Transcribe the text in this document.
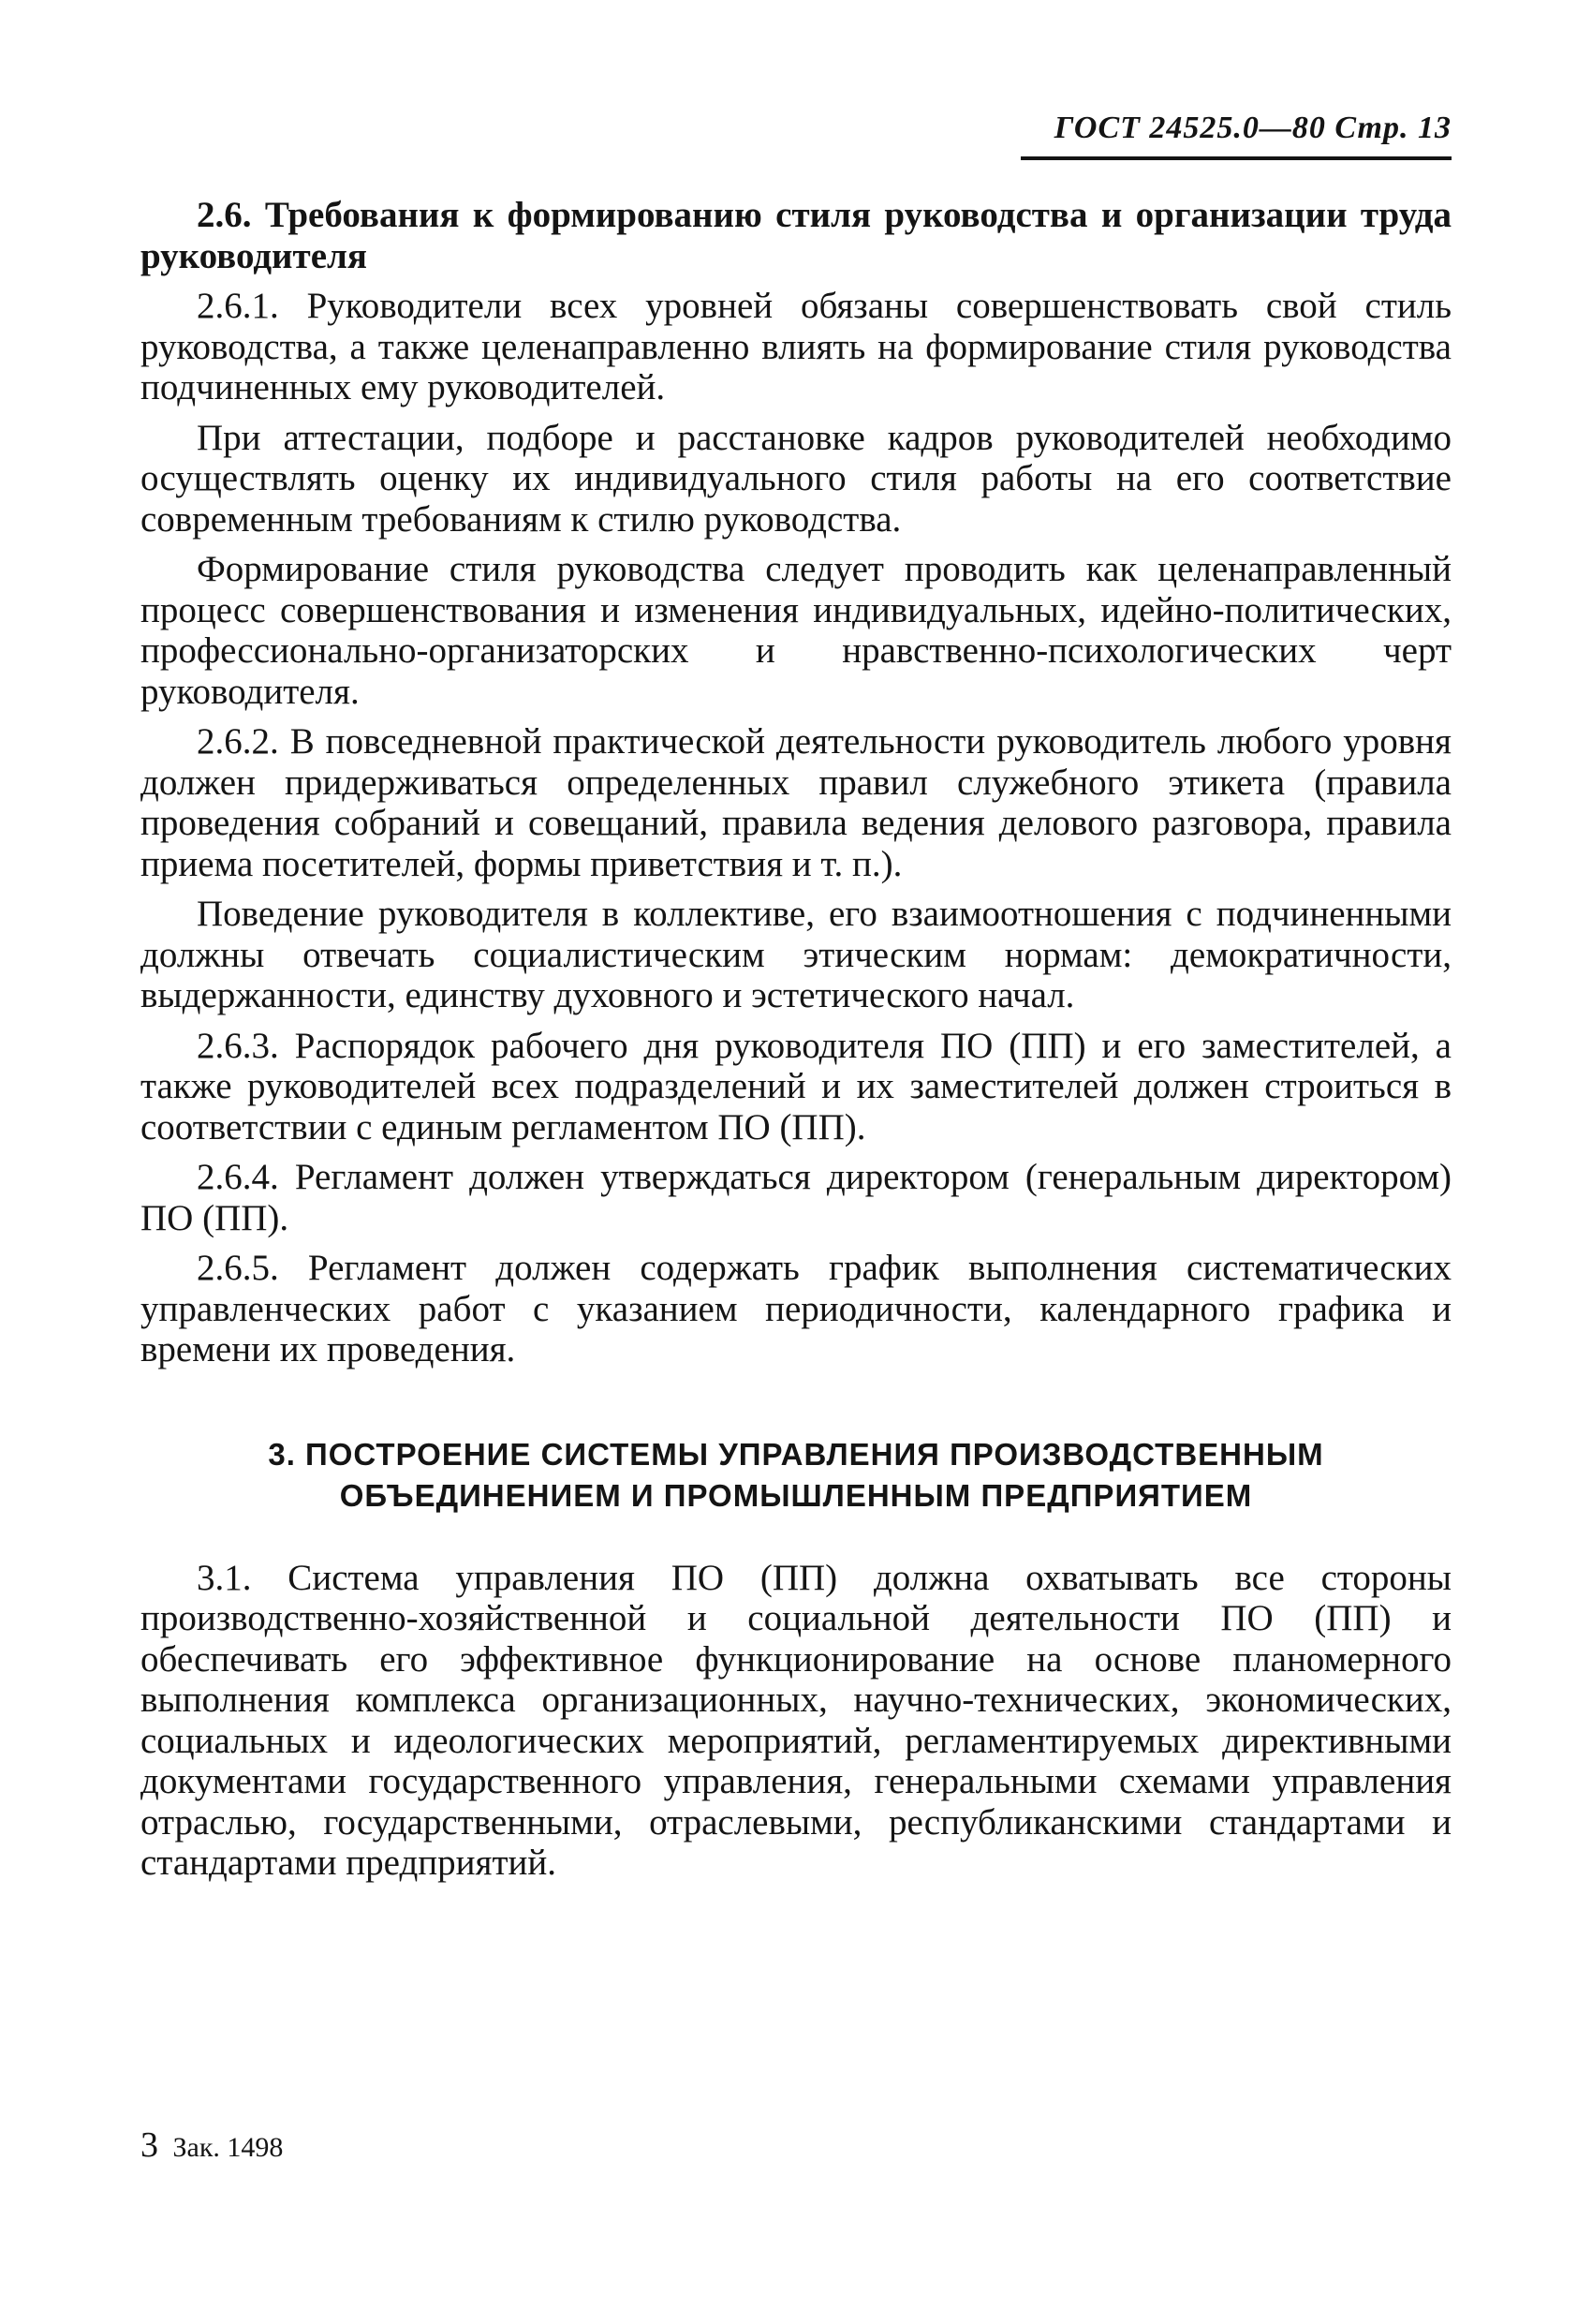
ГОСТ 24525.0—80 Стр. 13

2.6. Требования к формированию стиля руководства и организации труда руководителя

2.6.1. Руководители всех уровней обязаны совершенствовать свой стиль руководства, а также целенаправленно влиять на формирование стиля руководства подчиненных ему руководителей.

При аттестации, подборе и расстановке кадров руководителей необходимо осуществлять оценку их индивидуального стиля работы на его соответствие современным требованиям к стилю руководства.

Формирование стиля руководства следует проводить как целенаправленный процесс совершенствования и изменения индивидуальных, идейно-политических, профессионально-организаторских и нравственно-психологических черт руководителя.

2.6.2. В повседневной практической деятельности руководитель любого уровня должен придерживаться определенных правил служебного этикета (правила проведения собраний и совещаний, правила ведения делового разговора, правила приема посетителей, формы приветствия и т. п.).

Поведение руководителя в коллективе, его взаимоотношения с подчиненными должны отвечать социалистическим этическим нормам: демократичности, выдержанности, единству духовного и эстетического начал.

2.6.3. Распорядок рабочего дня руководителя ПО (ПП) и его заместителей, а также руководителей всех подразделений и их заместителей должен строиться в соответствии с единым регламентом ПО (ПП).

2.6.4. Регламент должен утверждаться директором (генеральным директором) ПО (ПП).

2.6.5. Регламент должен содержать график выполнения систематических управленческих работ с указанием периодичности, календарного графика и времени их проведения.

3. ПОСТРОЕНИЕ СИСТЕМЫ УПРАВЛЕНИЯ ПРОИЗВОДСТВЕННЫМ
ОБЪЕДИНЕНИЕМ И ПРОМЫШЛЕННЫМ ПРЕДПРИЯТИЕМ

3.1. Система управления ПО (ПП) должна охватывать все стороны производственно-хозяйственной и социальной деятельности ПО (ПП) и обеспечивать его эффективное функционирование на основе планомерного выполнения комплекса организационных, научно-технических, экономических, социальных и идеологических мероприятий, регламентируемых директивными документами государственного управления, генеральными схемами управления отраслью, государственными, отраслевыми, республиканскими стандартами и стандартами предприятий.

3 Зак. 1498
